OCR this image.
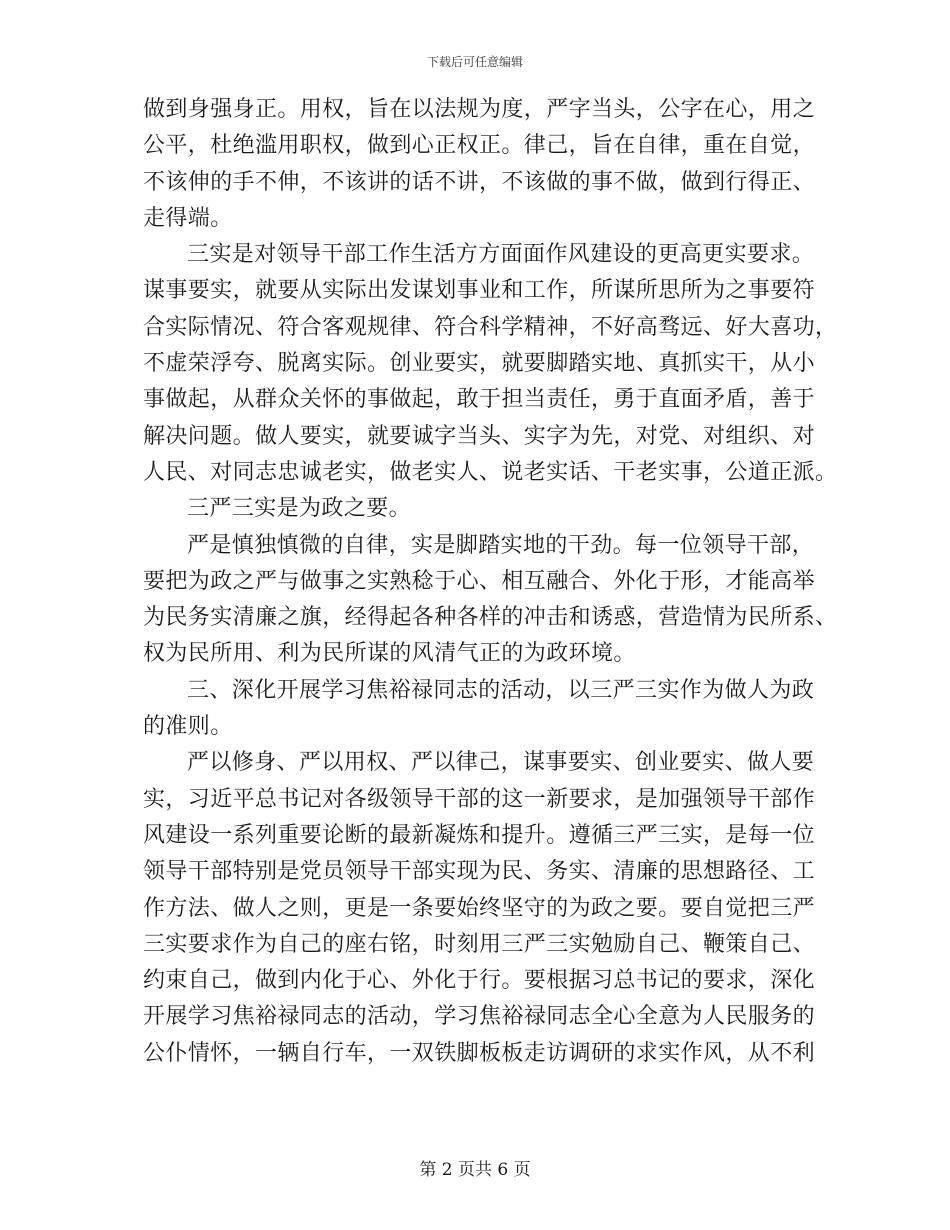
下载后可任意编辑
做到身强身正。用权，旨在以法规为度，严字当头，公字在心，用之
公平，杜绝滥用职权，做到心正权正。律己，旨在自律，重在自觉，
不该伸的手不伸，不该讲的话不讲，不该做的事不做，做到行得正、
走得端。
三实是对领导干部工作生活方方面面作风建设的更高更实要求。
谋事要实，就要从实际出发谋划事业和工作，所谋所思所为之事要符
合实际情况、符合客观规律、符合科学精神，不好高骛远、好大喜功，
不虚荣浮夸、脱离实际。创业要实，就要脚踏实地、真抓实干，从小
事做起，从群众关怀的事做起，敢于担当责任，勇于直面矛盾，善于
解决问题。做人要实，就要诚字当头、实字为先，对党、对组织、对
人民、对同志忠诚老实，做老实人、说老实话、干老实事，公道正派。
三严三实是为政之要。
严是慎独慎微的自律，实是脚踏实地的干劲。每一位领导干部，
要把为政之严与做事之实熟稔于心、相互融合、外化于形，才能高举
为民务实清廉之旗，经得起各种各样的冲击和诱惑，营造情为民所系、
权为民所用、利为民所谋的风清气正的为政环境。
三、深化开展学习焦裕禄同志的活动，以三严三实作为做人为政
的准则。
严以修身、严以用权、严以律己，谋事要实、创业要实、做人要
实，习近平总书记对各级领导干部的这一新要求，是加强领导干部作
风建设一系列重要论断的最新凝炼和提升。遵循三严三实，是每一位
领导干部特别是党员领导干部实现为民、务实、清廉的思想路径、工
作方法、做人之则，更是一条要始终坚守的为政之要。要自觉把三严
三实要求作为自己的座右铭，时刻用三严三实勉励自己、鞭策自己、
约束自己，做到内化于心、外化于行。要根据习总书记的要求，深化
开展学习焦裕禄同志的活动，学习焦裕禄同志全心全意为人民服务的
公仆情怀，一辆自行车，一双铁脚板板走访调研的求实作风，从不利
第 2 页共 6 页
